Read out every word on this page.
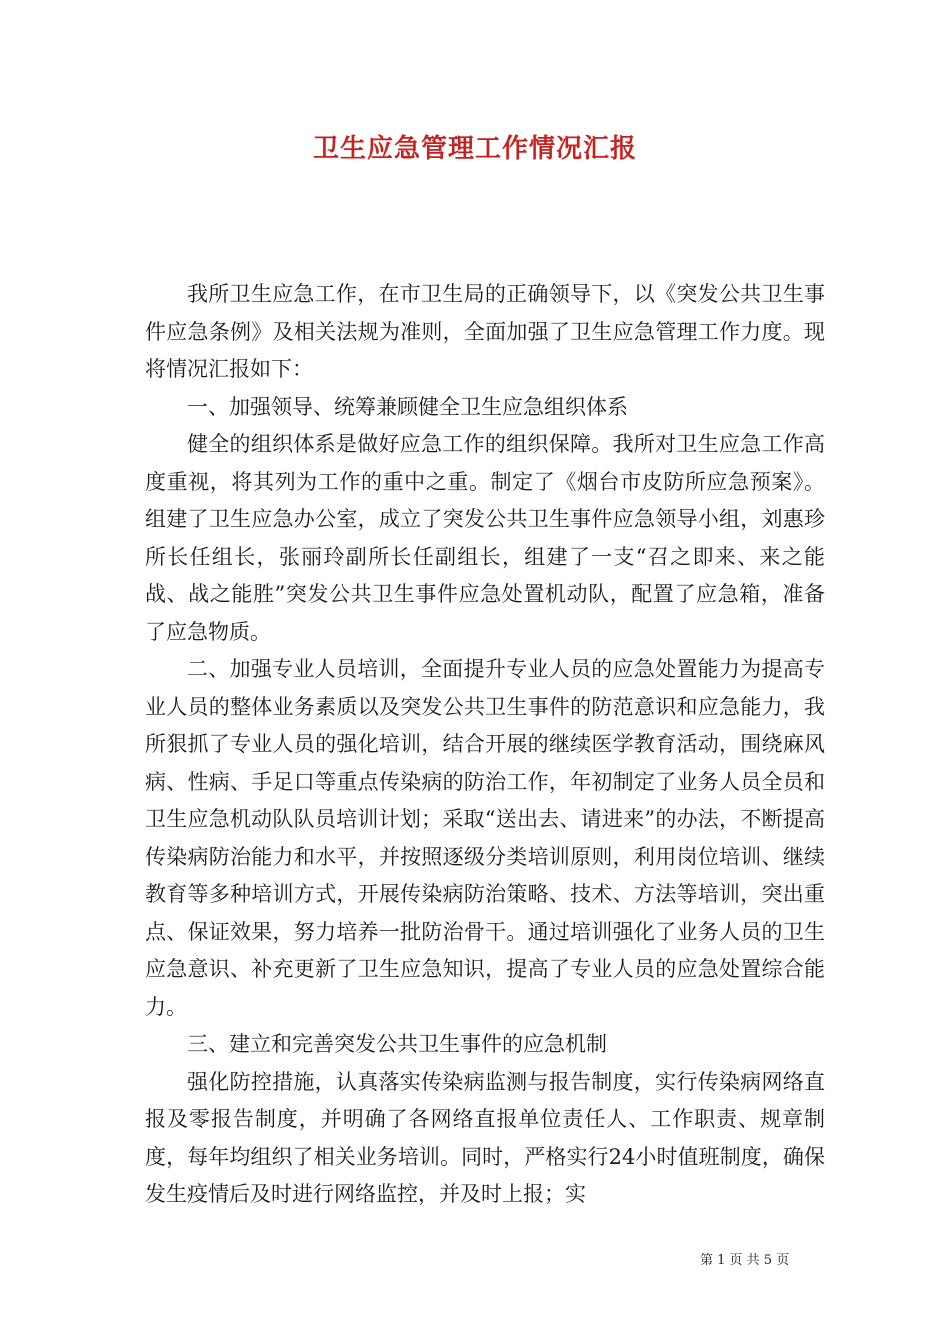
卫生应急管理工作情况汇报

我所卫生应急工作，在市卫生局的正确领导下，以《突发公共卫生事件应急条例》及相关法规为准则，全面加强了卫生应急管理工作力度。现将情况汇报如下：

一、加强领导、统筹兼顾健全卫生应急组织体系

健全的组织体系是做好应急工作的组织保障。我所对卫生应急工作高度重视，将其列为工作的重中之重。制定了《烟台市皮防所应急预案》。组建了卫生应急办公室，成立了突发公共卫生事件应急领导小组，刘惠珍所长任组长，张丽玲副所长任副组长，组建了一支“召之即来、来之能战、战之能胜”突发公共卫生事件应急处置机动队，配置了应急箱，准备了应急物质。

二、加强专业人员培训，全面提升专业人员的应急处置能力为提高专业人员的整体业务素质以及突发公共卫生事件的防范意识和应急能力，我所狠抓了专业人员的强化培训，结合开展的继续医学教育活动，围绕麻风病、性病、手足口等重点传染病的防治工作，年初制定了业务人员全员和卫生应急机动队队员培训计划；采取“送出去、请进来”的办法，不断提高传染病防治能力和水平，并按照逐级分类培训原则，利用岗位培训、继续教育等多种培训方式，开展传染病防治策略、技术、方法等培训，突出重点、保证效果，努力培养一批防治骨干。通过培训强化了业务人员的卫生应急意识、补充更新了卫生应急知识，提高了专业人员的应急处置综合能力。

三、建立和完善突发公共卫生事件的应急机制

强化防控措施，认真落实传染病监测与报告制度，实行传染病网络直报及零报告制度，并明确了各网络直报单位责任人、工作职责、规章制度，每年均组织了相关业务培训。同时，严格实行24小时值班制度，确保发生疫情后及时进行网络监控，并及时上报；实

第 1 页 共 5 页
